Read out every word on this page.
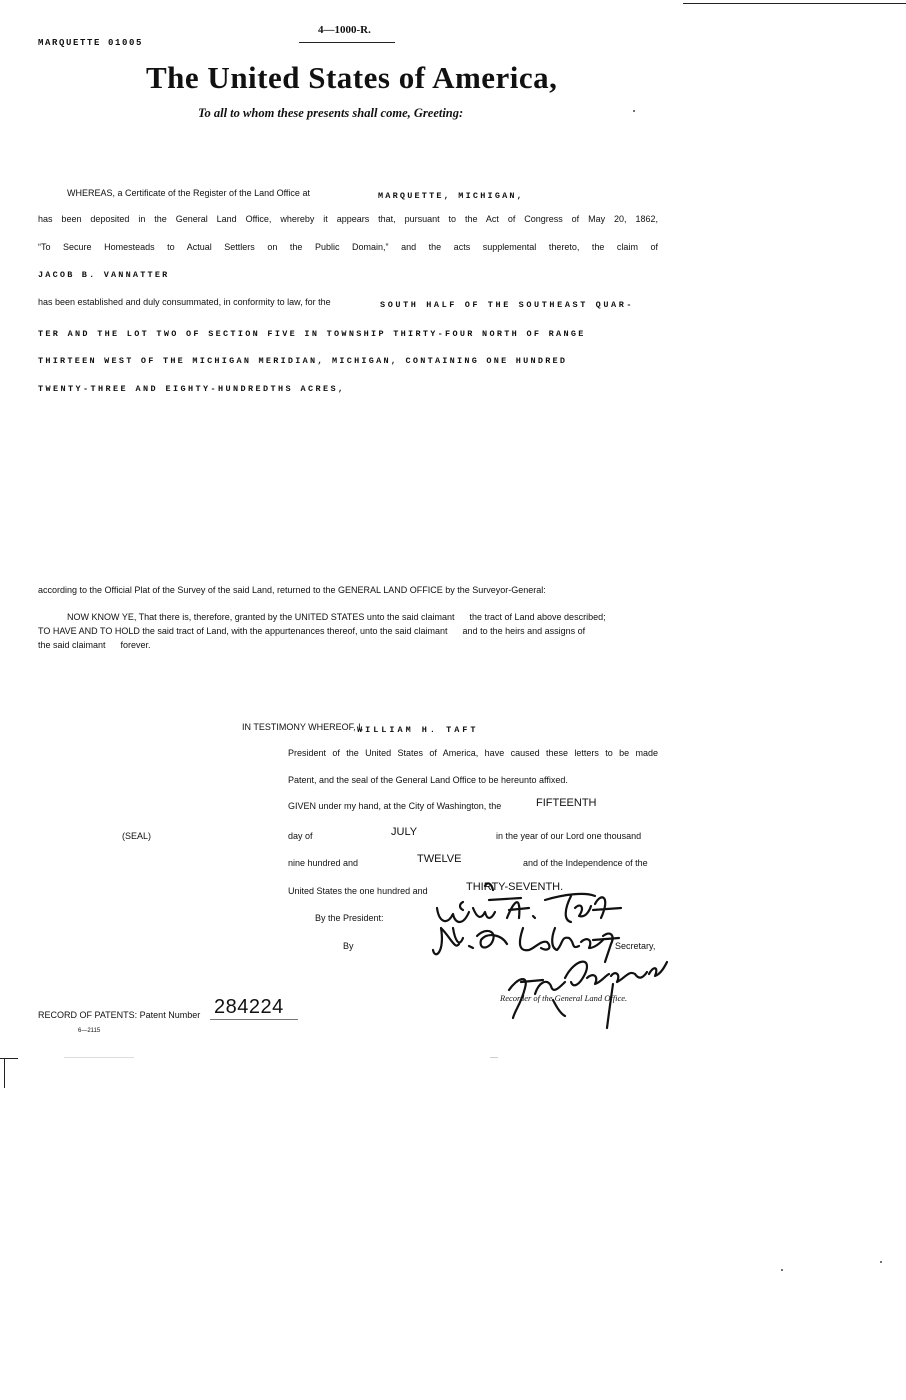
4—1000-R.
MARQUETTE 01005
The United States of America,
To all to whom these presents shall come, Greeting:
WHEREAS, a Certificate of the Register of the Land Office at	MARQUETTE, MICHIGAN,
has been deposited in the General Land Office, whereby it appears that, pursuant to the Act of Congress of May 20, 1862,
“To Secure Homesteads to Actual Settlers on the Public Domain,” and the acts supplemental thereto, the claim of
JACOB B. VANNATTER
has been established and duly consummated, in conformity to law, for the	SOUTH HALF OF THE SOUTHEAST QUAR-
TER AND THE LOT TWO OF SECTION FIVE IN TOWNSHIP THIRTY-FOUR NORTH OF RANGE
THIRTEEN WEST OF THE MICHIGAN MERIDIAN, MICHIGAN, CONTAINING ONE HUNDRED
TWENTY-THREE AND EIGHTY-HUNDREDTHS ACRES,
according to the Official Plat of the Survey of the said Land, returned to the GENERAL LAND OFFICE by the Surveyor-General:
NOW KNOW YE, That there is, therefore, granted by the UNITED STATES unto the said claimant      the tract of Land above described;
TO HAVE AND TO HOLD the said tract of Land, with the appurtenances thereof, unto the said claimant      and to the heirs and assigns of
the said claimant      forever.
IN TESTIMONY WHEREOF, I,
WILLIAM H. TAFT
President of the United States of America, have caused these letters to be made
Patent, and the seal of the General Land Office to be hereunto affixed.
GIVEN under my hand, at the City of Washington, the	FIFTEENTH
(SEAL)	day of	JULY	in the year of our Lord one thousand
nine hundred and	TWELVE	and of the Independence of the
United States the one hundred and	THIRTY-SEVENTH.
By the President:
By	Secretary,
Recorder of the General Land Office.
RECORD OF PATENTS: Patent Number 284224
6—2115
